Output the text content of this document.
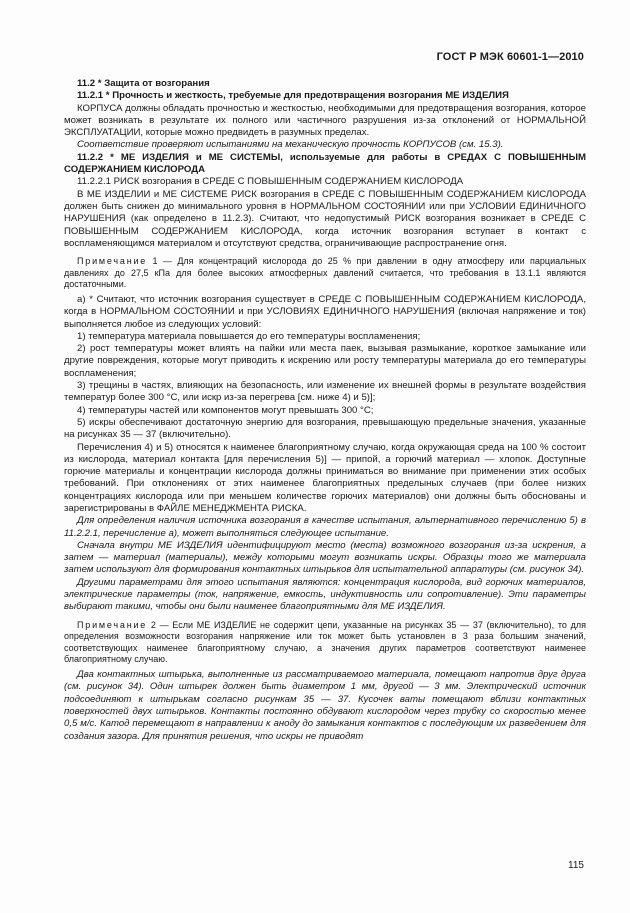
ГОСТ Р МЭК 60601-1—2010

11.2 * Защита от возгорания

11.2.1 * Прочность и жесткость, требуемые для предотвращения возгорания МЕ ИЗДЕЛИЯ

КОРПУСА должны обладать прочностью и жесткостью, необходимыми для предотвращения возгорания, которое может возникать в результате их полного или частичного разрушения из-за отклонений от НОРМАЛЬНОЙ ЭКСПЛУАТАЦИИ, которые можно предвидеть в разумных пределах.

Соответствие проверяют испытаниями на механическую прочность КОРПУСОВ (см. 15.3).

11.2.2 * МЕ ИЗДЕЛИЯ и МЕ СИСТЕМЫ, используемые для работы в СРЕДАХ С ПОВЫШЕННЫМ СОДЕРЖАНИЕМ КИСЛОРОДА

11.2.2.1 РИСК возгорания в СРЕДЕ С ПОВЫШЕННЫМ СОДЕРЖАНИЕМ КИСЛОРОДА

В МЕ ИЗДЕЛИИ и МЕ СИСТЕМЕ РИСК возгорания в СРЕДЕ С ПОВЫШЕННЫМ СОДЕРЖАНИЕМ КИСЛОРОДА должен быть снижен до минимального уровня в НОРМАЛЬНОМ СОСТОЯНИИ или при УСЛОВИИ ЕДИНИЧНОГО НАРУШЕНИЯ (как определено в 11.2.3). Считают, что недопустимый РИСК возгорания возникает в СРЕДЕ С ПОВЫШЕННЫМ СОДЕРЖАНИЕМ КИСЛОРОДА, когда источник возгорания вступает в контакт с воспламеняющимся материалом и отсутствуют средства, ограничивающие распространение огня.

Примечание 1 — Для концентраций кислорода до 25 % при давлении в одну атмосферу или парциальных давлениях до 27,5 кПа для более высоких атмосферных давлений считается, что требования в 13.1.1 являются достаточными.

а) * Считают, что источник возгорания существует в СРЕДЕ С ПОВЫШЕННЫМ СОДЕРЖАНИЕМ КИСЛОРОДА, когда в НОРМАЛЬНОМ СОСТОЯНИИ и при УСЛОВИЯХ ЕДИНИЧНОГО НАРУШЕНИЯ (включая напряжение и ток) выполняется любое из следующих условий:

1) температура материала повышается до его температуры воспламенения;

2) рост температуры может влиять на пайки или места паек, вызывая размыкание, короткое замыкание или другие повреждения, которые могут приводить к искрению или росту температуры материала до его температуры воспламенения;

3) трещины в частях, влияющих на безопасность, или изменение их внешней формы в результате воздействия температур более 300 °С, или искр из-за перегрева [см. ниже 4) и 5)];

4) температуры частей или компонентов могут превышать 300 °С;

5) искры обеспечивают достаточную энергию для возгорания, превышающую предельные значения, указанные на рисунках 35 — 37 (включительно).

Перечисления 4) и 5) относятся к наименее благоприятному случаю, когда окружающая среда на 100 % состоит из кислорода, материал контакта [для перечисления 5)] — припой, а горючий материал — хлопок. Доступные горючие материалы и концентрации кислорода должны приниматься во внимание при применении этих особых требований. При отклонениях от этих наименее благоприятных пределыных случаев (при более низких концентрациях кислорода или при меньшем количестве горючих материалов) они должны быть обоснованы и зарегистрированы в ФАЙЛЕ МЕНЕДЖМЕНТА РИСКА.

Для определения наличия источника возгорания в качестве испытания, альтернативного перечислению 5) в 11.2.2.1, перечисление а), может выполняться следующее испытание.

Сначала внутри МЕ ИЗДЕЛИЯ идентифицируют место (места) возможного возгорания из-за искрения, а затем — материал (материалы), между которыми могут возникать искры. Образцы того же материала затем используют для формирования контактных штырьков для испытательной аппаратуры (см. рисунок 34).

Другими параметрами для этого испытания являются: концентрация кислорода, вид горючих материалов, электрические параметры (ток, напряжение, емкость, индуктивность или сопротивление). Эти параметры выбирают такими, чтобы они были наименее благоприятными для МЕ ИЗДЕЛИЯ.

Примечание 2 — Если МЕ ИЗДЕЛИЕ не содержит цепи, указанные на рисунках 35 — 37 (включительно), то для определения возможности возгорания напряжение или ток может быть установлен в 3 раза большим значений, соответствующих наименее благоприятному случаю, а значения других параметров соответствуют наименее благоприятному случаю.

Два контактных штырька, выполненные из рассматриваемого материала, помещают напротив друг друга (см. рисунок 34). Один штырек должен быть диаметром 1 мм, другой — 3 мм. Электрический источник подсоединяют к штырькам согласно рисункам 35 — 37. Кусочек ваты помещают вблизи контактных поверхностей двух штырьков. Контакты постоянно обдувают кислородом через трубку со скоростью менее 0,5 м/с. Катод перемещают в направлении к аноду до замыкания контактов с последующим их разведением для создания зазора. Для принятия решения, что искры не приводят

115
